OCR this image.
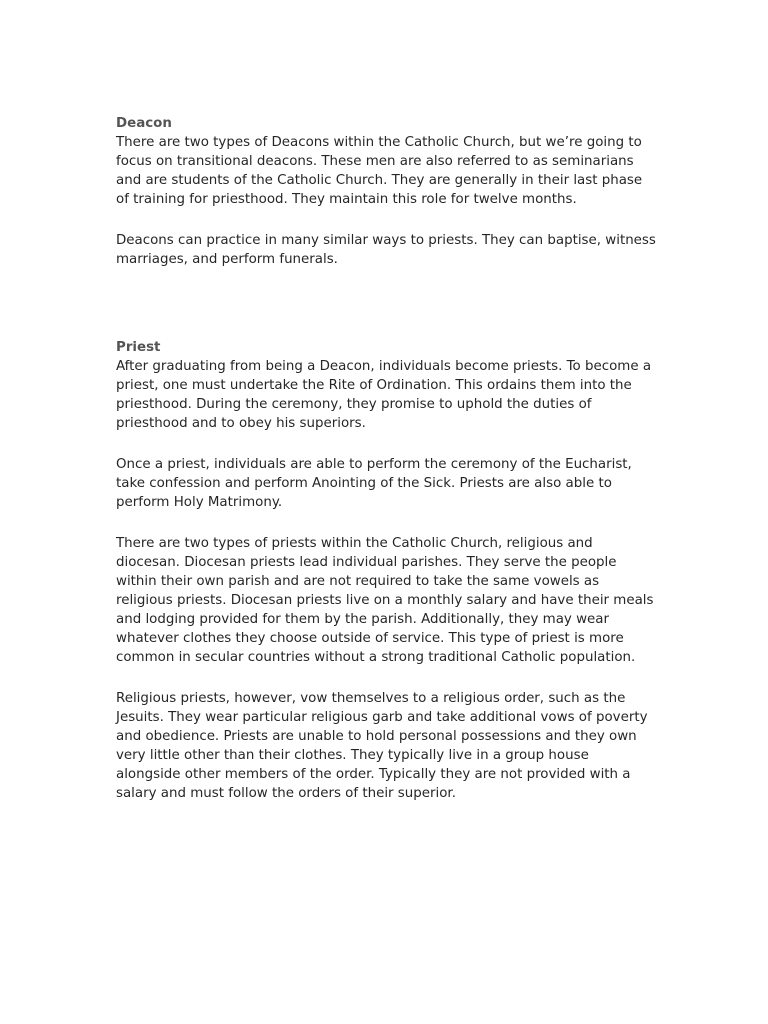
Deacon

There are two types of Deacons within the Catholic Church, but we’re going to focus on transitional deacons. These men are also referred to as seminarians and are students of the Catholic Church. They are generally in their last phase of training for priesthood. They maintain this role for twelve months.

Deacons can practice in many similar ways to priests. They can baptise, witness marriages, and perform funerals.

Priest

After graduating from being a Deacon, individuals become priests. To become a priest, one must undertake the Rite of Ordination. This ordains them into the priesthood. During the ceremony, they promise to uphold the duties of priesthood and to obey his superiors.

Once a priest, individuals are able to perform the ceremony of the Eucharist, take confession and perform Anointing of the Sick. Priests are also able to perform Holy Matrimony.

There are two types of priests within the Catholic Church, religious and diocesan. Diocesan priests lead individual parishes. They serve the people within their own parish and are not required to take the same vowels as religious priests. Diocesan priests live on a monthly salary and have their meals and lodging provided for them by the parish. Additionally, they may wear whatever clothes they choose outside of service. This type of priest is more common in secular countries without a strong traditional Catholic population.

Religious priests, however, vow themselves to a religious order, such as the Jesuits. They wear particular religious garb and take additional vows of poverty and obedience. Priests are unable to hold personal possessions and they own very little other than their clothes. They typically live in a group house alongside other members of the order. Typically they are not provided with a salary and must follow the orders of their superior.
